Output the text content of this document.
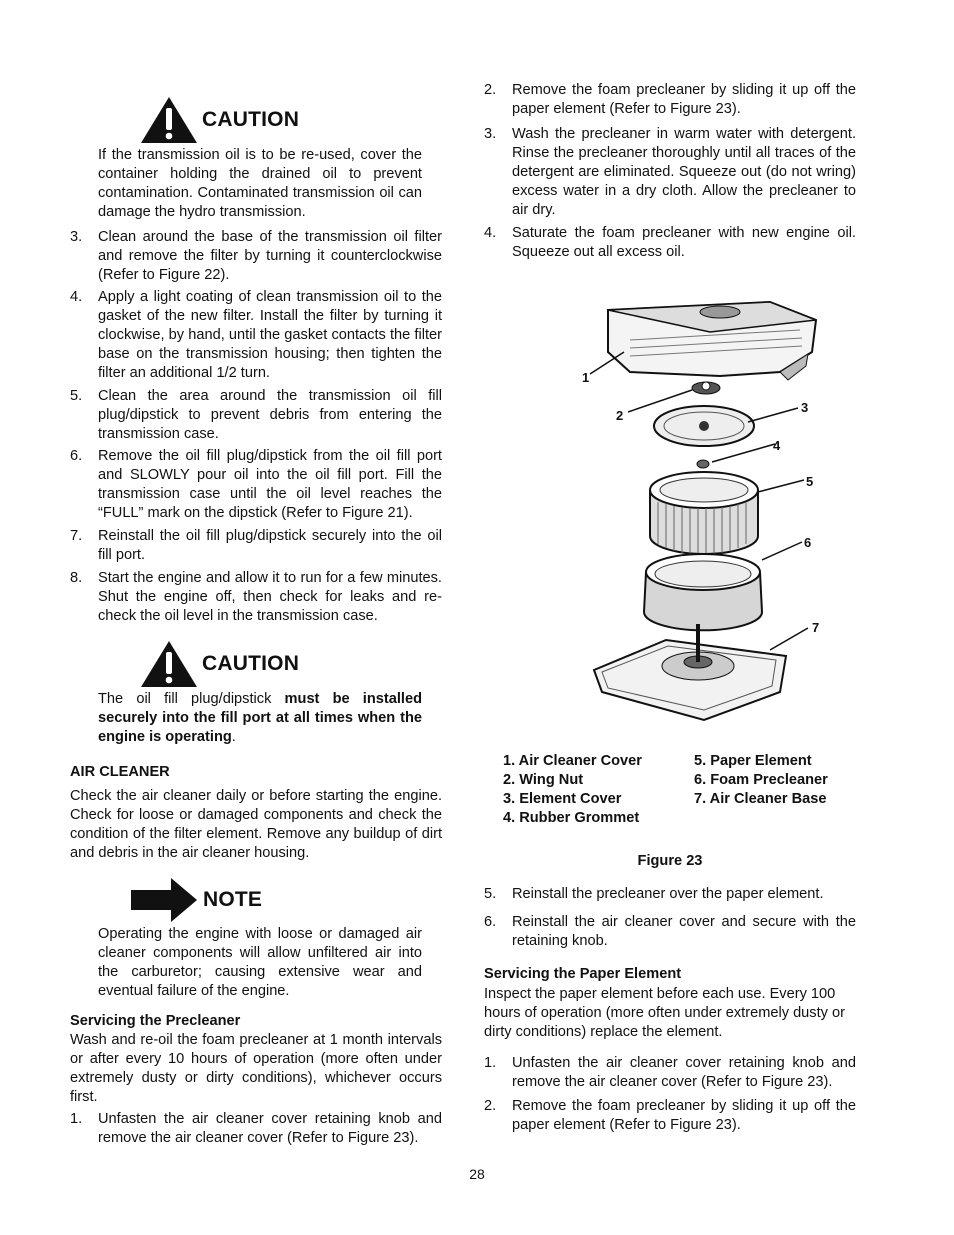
CAUTION

If the transmission oil is to be re-used, cover the container holding the drained oil to prevent contamination. Contaminated transmission oil can damage the hydro transmission.

3.	Clean around the base of the transmission oil filter and remove the filter by turning it counterclockwise (Refer to Figure 22).
4.	Apply a light coating of clean transmission oil to the gasket of the new filter. Install the filter by turning it clockwise, by hand, until the gasket contacts the filter base on the transmission housing; then tighten the filter an additional 1/2 turn.
5.	Clean the area around the transmission oil fill plug/dipstick to prevent debris from entering the transmission case.
6.	Remove the oil fill plug/dipstick from the oil fill port and SLOWLY pour oil into the oil fill port. Fill the transmission case until the oil level reaches the “FULL” mark on the dipstick (Refer to Figure 21).
7.	Reinstall the oil fill plug/dipstick securely into the oil fill port.
8.	Start the engine and allow it to run for a few minutes. Shut the engine off, then check for leaks and re-check the oil level in the transmission case.
CAUTION

The oil fill plug/dipstick must be installed securely into the fill port at all times when the engine is operating.

AIR CLEANER

Check the air cleaner daily or before starting the engine. Check for loose or damaged components and check the condition of the filter element. Remove any buildup of dirt and debris in the air cleaner housing.

NOTE

Operating the engine with loose or damaged air cleaner components will allow unfiltered air into the carburetor; causing extensive wear and eventual failure of the engine.

Servicing the Precleaner

Wash and re-oil the foam precleaner at 1 month intervals or after every 10 hours of operation (more often under extremely dusty or dirty conditions), whichever occurs first.

1.	Unfasten the air cleaner cover retaining knob and remove the air cleaner cover (Refer to Figure 23).
2.	Remove the foam precleaner by sliding it up off the paper element (Refer to Figure 23).
3.	Wash the precleaner in warm water with detergent. Rinse the precleaner thoroughly until all traces of the detergent are eliminated. Squeeze out (do not wring) excess water in a dry cloth. Allow the precleaner to air dry.
4.	Saturate the foam precleaner with new engine oil. Squeeze out all excess oil.
1
2
3
4
5
6
7
1. Air Cleaner Cover
2. Wing Nut
3. Element Cover
4. Rubber Grommet
5. Paper Element
6. Foam Precleaner
7. Air Cleaner Base
Figure 23
5.	Reinstall the precleaner over the paper element.
6.	Reinstall the air cleaner cover and secure with the retaining knob.
Servicing the Paper Element

Inspect the paper element before each use. Every 100 hours of operation (more often under extremely dusty or dirty conditions) replace the element.

1.	Unfasten the air cleaner cover retaining knob and remove the air cleaner cover (Refer to Figure 23).
2.	Remove the foam precleaner by sliding it up off the paper element (Refer to Figure 23).
28
